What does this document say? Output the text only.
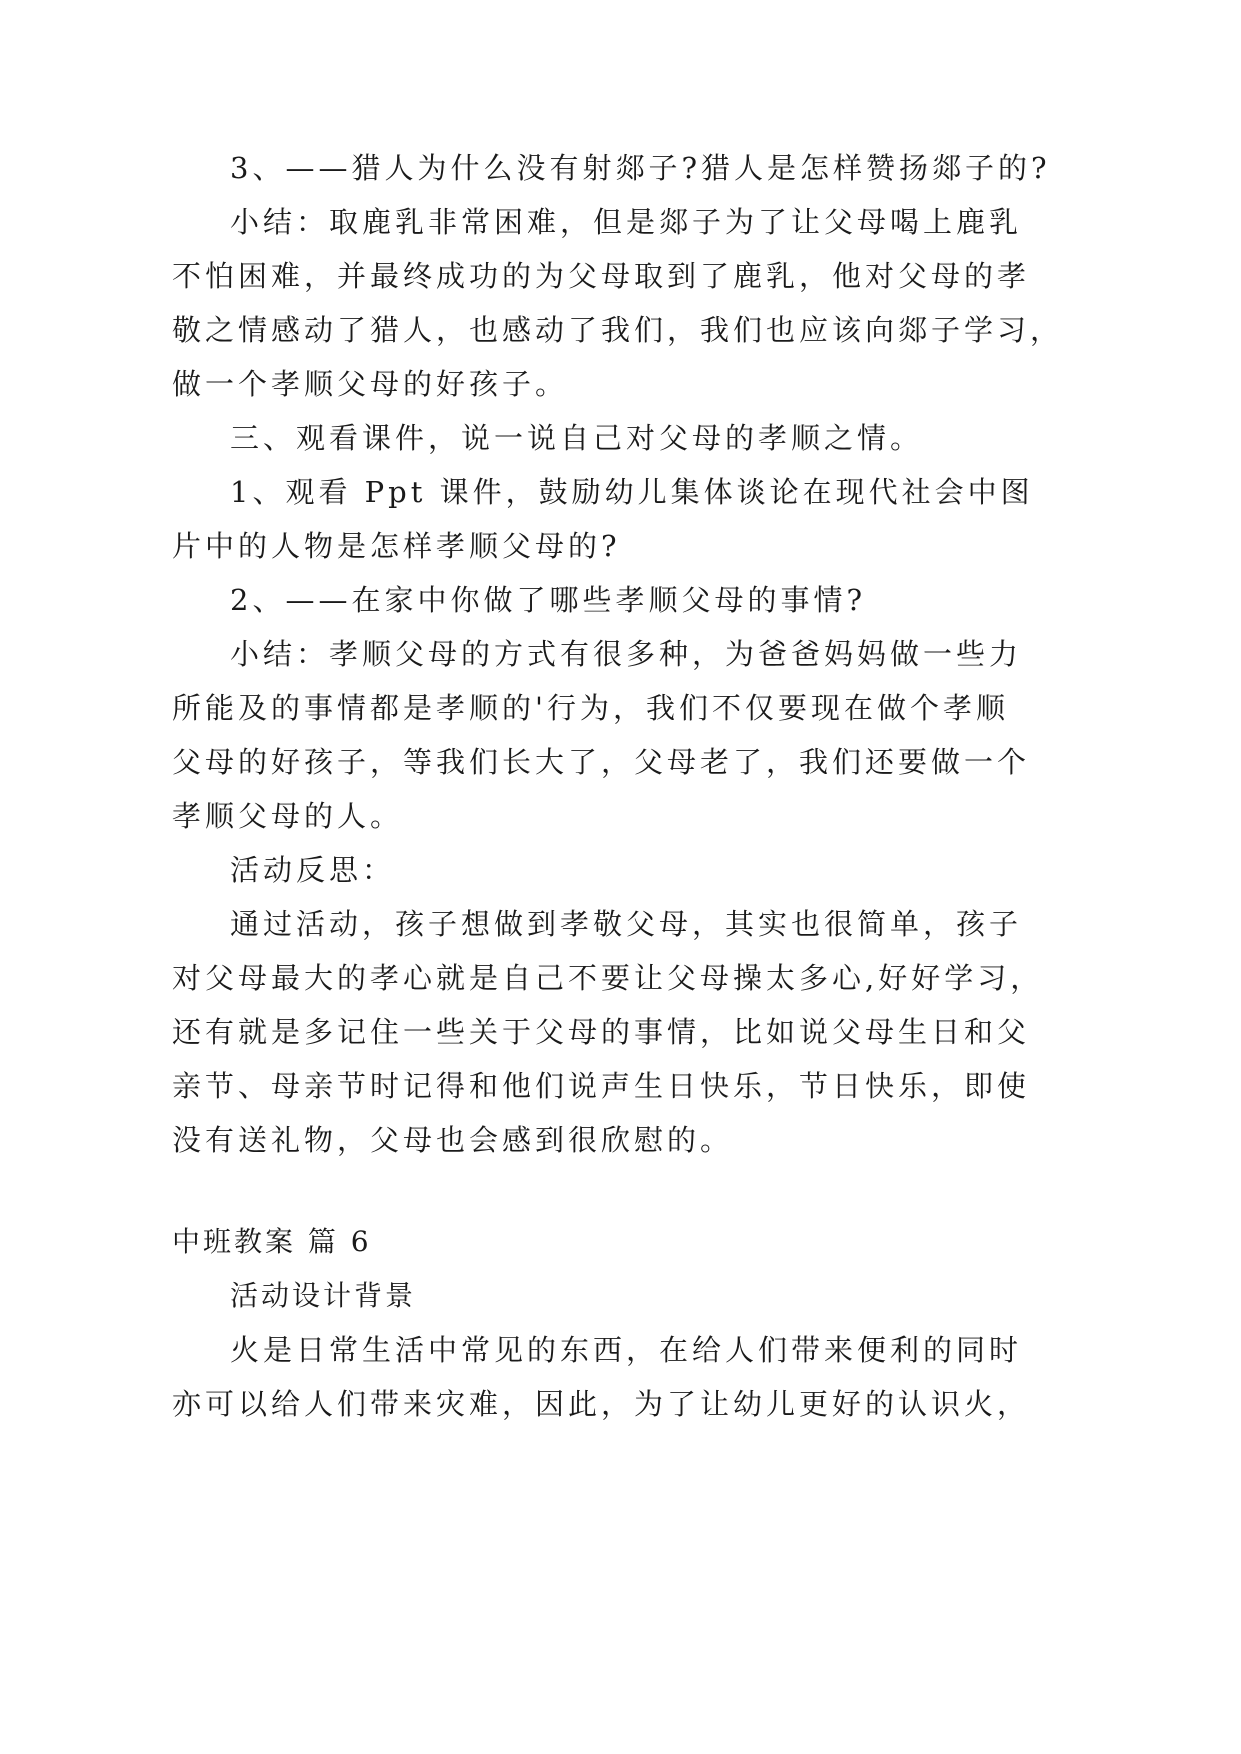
3、——猎人为什么没有射郯子?猎人是怎样赞扬郯子的?
小结：取鹿乳非常困难，但是郯子为了让父母喝上鹿乳
不怕困难，并最终成功的为父母取到了鹿乳，他对父母的孝
敬之情感动了猎人，也感动了我们，我们也应该向郯子学习，
做一个孝顺父母的好孩子。
三、观看课件，说一说自己对父母的孝顺之情。
1、观看 Ppt 课件，鼓励幼儿集体谈论在现代社会中图
片中的人物是怎样孝顺父母的?
2、——在家中你做了哪些孝顺父母的事情?
小结：孝顺父母的方式有很多种，为爸爸妈妈做一些力
所能及的事情都是孝顺的'行为，我们不仅要现在做个孝顺
父母的好孩子，等我们长大了，父母老了，我们还要做一个
孝顺父母的人。
活动反思：
通过活动，孩子想做到孝敬父母，其实也很简单，孩子
对父母最大的孝心就是自己不要让父母操太多心,好好学习，
还有就是多记住一些关于父母的事情，比如说父母生日和父
亲节、母亲节时记得和他们说声生日快乐，节日快乐，即使
没有送礼物，父母也会感到很欣慰的。
中班教案 篇 6
活动设计背景
火是日常生活中常见的东西，在给人们带来便利的同时
亦可以给人们带来灾难，因此，为了让幼儿更好的认识火，
